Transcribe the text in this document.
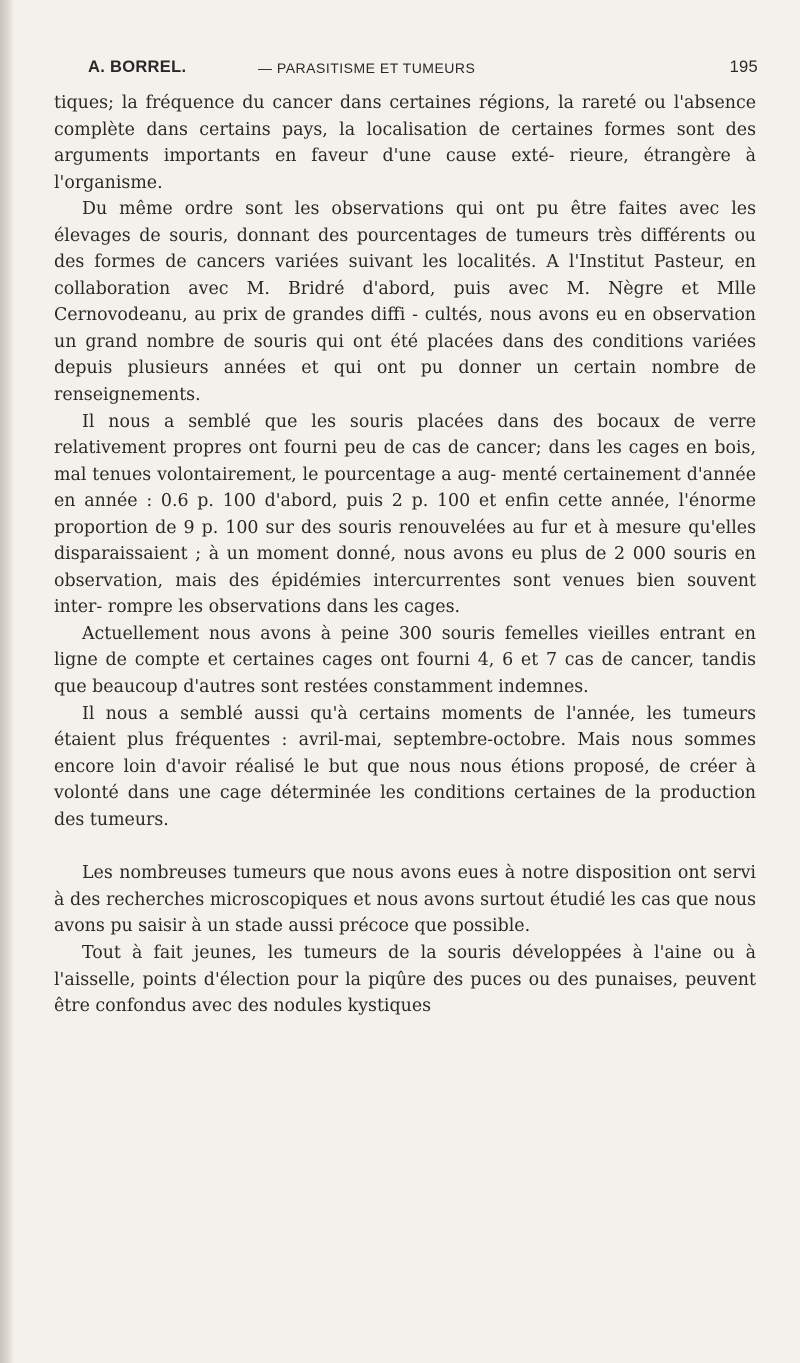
A. BORREL.	— PARASITISME ET TUMEURS	195

tiques; la fréquence du cancer dans certaines régions, la rareté ou l'absence complète dans certains pays, la localisation de certaines formes sont des arguments importants en faveur d'une cause exté- rieure, étrangère à l'organisme.

Du même ordre sont les observations qui ont pu être faites avec les élevages de souris, donnant des pourcentages de tumeurs très différents ou des formes de cancers variées suivant les localités. A l'Institut Pasteur, en collaboration avec M. Bridré d'abord, puis avec M. Nègre et Mlle Cernovodeanu, au prix de grandes diffi - cultés, nous avons eu en observation un grand nombre de souris qui ont été placées dans des conditions variées depuis plusieurs années et qui ont pu donner un certain nombre de renseignements.

Il nous a semblé que les souris placées dans des bocaux de verre relativement propres ont fourni peu de cas de cancer; dans les cages en bois, mal tenues volontairement, le pourcentage a aug- menté certainement d'année en année : 0.6 p. 100 d'abord, puis 2 p. 100 et enfin cette année, l'énorme proportion de 9 p. 100 sur des souris renouvelées au fur et à mesure qu'elles disparaissaient ; à un moment donné, nous avons eu plus de 2 000 souris en observation, mais des épidémies intercurrentes sont venues bien souvent inter- rompre les observations dans les cages.

Actuellement nous avons à peine 300 souris femelles vieilles entrant en ligne de compte et certaines cages ont fourni 4, 6 et 7 cas de cancer, tandis que beaucoup d'autres sont restées constamment indemnes.

Il nous a semblé aussi qu'à certains moments de l'année, les tumeurs étaient plus fréquentes : avril-mai, septembre-octobre. Mais nous sommes encore loin d'avoir réalisé le but que nous nous étions proposé, de créer à volonté dans une cage déterminée les conditions certaines de la production des tumeurs.

Les nombreuses tumeurs que nous avons eues à notre disposition ont servi à des recherches microscopiques et nous avons surtout étudié les cas que nous avons pu saisir à un stade aussi précoce que possible.

Tout à fait jeunes, les tumeurs de la souris développées à l'aine ou à l'aisselle, points d'élection pour la piqûre des puces ou des punaises, peuvent être confondus avec des nodules kystiques
